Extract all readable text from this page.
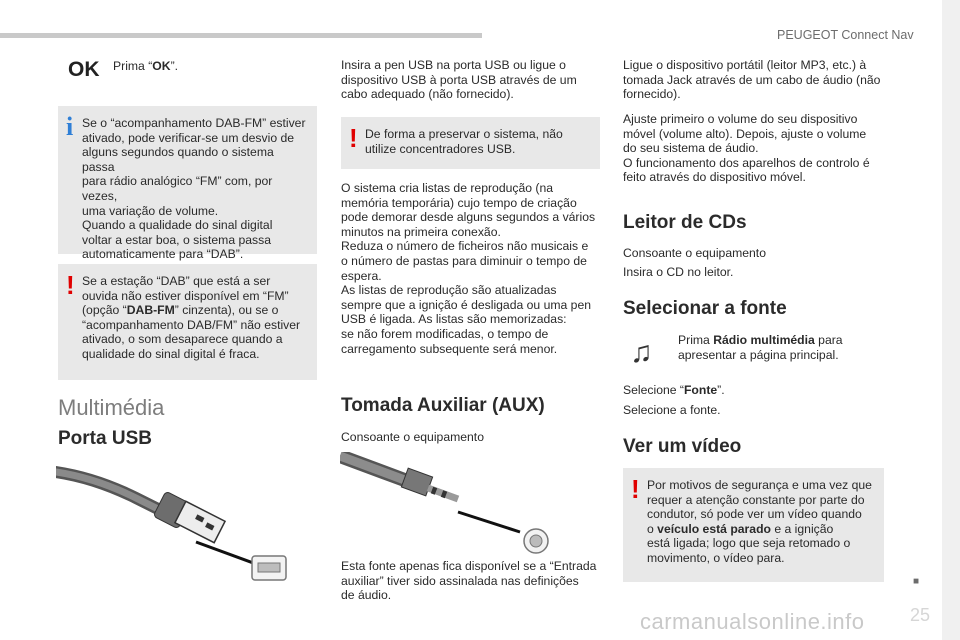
PEUGEOT Connect Nav
■
25
carmanualsonline.info
OK Prima “OK”.

i Se o “acompanhamento DAB-FM” estiver
ativado, pode verificar-se um desvio de
alguns segundos quando o sistema passa
para rádio analógico “FM” com, por vezes,
uma variação de volume.
Quando a qualidade do sinal digital
voltar a estar boa, o sistema passa
automaticamente para “DAB”.
! Se a estação “DAB” que está a ser
ouvida não estiver disponível em “FM”
(opção “DAB-FM” cinzenta), ou se o
“acompanhamento DAB/FM” não estiver
ativado, o som desaparece quando a
qualidade do sinal digital é fraca.
Multimédia
Porta USB

Insira a pen USB na porta USB ou ligue o
dispositivo USB à porta USB através de um
cabo adequado (não fornecido).

! De forma a preservar o sistema, não
utilize concentradores USB.

O sistema cria listas de reprodução (na
memória temporária) cujo tempo de criação
pode demorar desde alguns segundos a vários
minutos na primeira conexão.
Reduza o número de ficheiros não musicais e
o número de pastas para diminuir o tempo de
espera.
As listas de reprodução são atualizadas
sempre que a ignição é desligada ou uma pen
USB é ligada. As listas são memorizadas:
se não forem modificadas, o tempo de
carregamento subsequente será menor.

Tomada Auxiliar (AUX)

Consoante o equipamento

Esta fonte apenas fica disponível se a “Entrada
auxiliar” tiver sido assinalada nas definições
de áudio.

Ligue o dispositivo portátil (leitor MP3, etc.) à
tomada Jack através de um cabo de áudio (não
fornecido).

Ajuste primeiro o volume do seu dispositivo
móvel (volume alto). Depois, ajuste o volume
do seu sistema de áudio.
O funcionamento dos aparelhos de controlo é
feito através do dispositivo móvel.

Leitor de CDs

Consoante o equipamento

Insira o CD no leitor.

Selecionar a fonte
♫ Prima Rádio multimédia para
apresentar a página principal.

Selecione “Fonte”.

Selecione a fonte.

Ver um vídeo
! Por motivos de segurança e uma vez que
requer a atenção constante por parte do
condutor, só pode ver um vídeo quando
o veículo está parado e a ignição
está ligada; logo que seja retomado o
movimento, o vídeo para.
